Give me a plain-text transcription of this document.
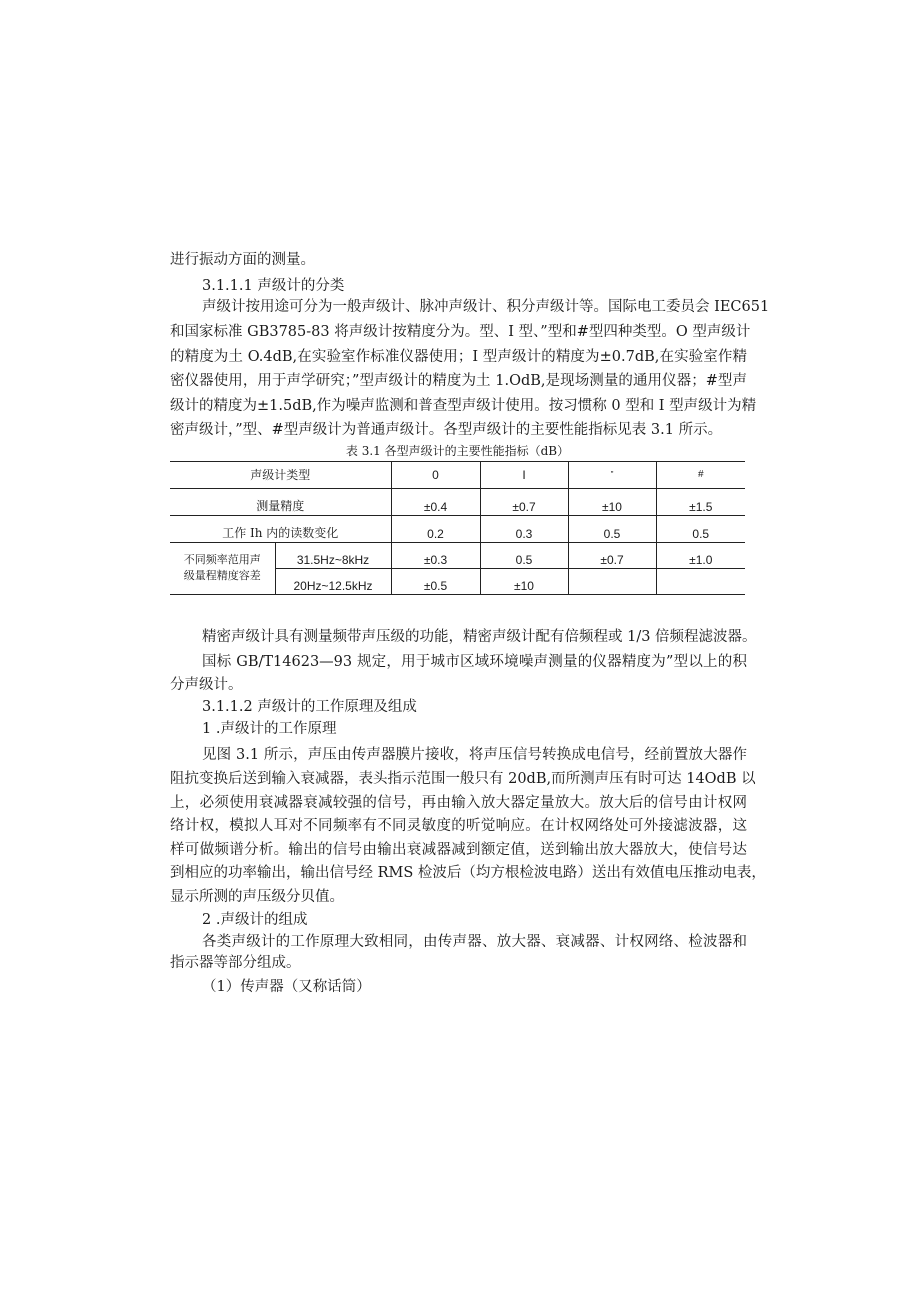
进行振动方面的测量。
3.1.1.1 声级计的分类
声级计按用途可分为一般声级计、脉冲声级计、积分声级计等。国际电工委员会 IEC651
和国家标准 GB3785-83 将声级计按精度分为。型、I 型、”型和#型四种类型。O 型声级计
的精度为土 O.4dB,在实验室作标准仪器使用；I 型声级计的精度为±0.7dB,在实验室作精
密仪器使用，用于声学研究；”型声级计的精度为土 1.OdB,是现场测量的通用仪器；#型声
级计的精度为±1.5dB,作为噪声监测和普查型声级计使用。按习惯称 0 型和 I 型声级计为精
密声级计，”型、#型声级计为普通声级计。各型声级计的主要性能指标见表 3.1 所示。
表 3.1 各型声级计的主要性能指标（dB）
声级计类型		0	I	"	#
测量精度		±0.4	±0.7	±10	±1.5
工作 Ih 内的读数变化		0.2	0.3	0.5	0.5

不同频率范用声
级量程精度容差	31.5Hz~8kHz	±0.3	0.5	±0.7	±1.0
	20Hz~12.5kHz	±0.5	±10		
精密声级计具有测量频带声压级的功能，精密声级计配有倍频程或 1/3 倍频程滤波器。
国标 GB/T14623—93 规定，用于城市区域环境噪声测量的仪器精度为”型以上的积
分声级计。
3.1.1.2 声级计的工作原理及组成
1 .声级计的工作原理
见图 3.1 所示，声压由传声器膜片接收，将声压信号转换成电信号，经前置放大器作
阻抗变换后送到输入衰减器，表头指示范围一般只有 20dB,而所测声压有时可达 14OdB 以
上，必须使用衰减器衰减较强的信号，再由输入放大器定量放大。放大后的信号由计权网
络计权，模拟人耳对不同频率有不同灵敏度的听觉响应。在计权网络处可外接滤波器，这
样可做频谱分析。输出的信号由输出衰减器减到额定值，送到输出放大器放大，使信号达
到相应的功率输出，输出信号经 RMS 检波后（均方根检波电路）送出有效值电压推动电表，
显示所测的声压级分贝值。
2 .声级计的组成
各类声级计的工作原理大致相同，由传声器、放大器、衰减器、计权网络、检波器和
指示器等部分组成。
（1）传声器（又称话筒）
